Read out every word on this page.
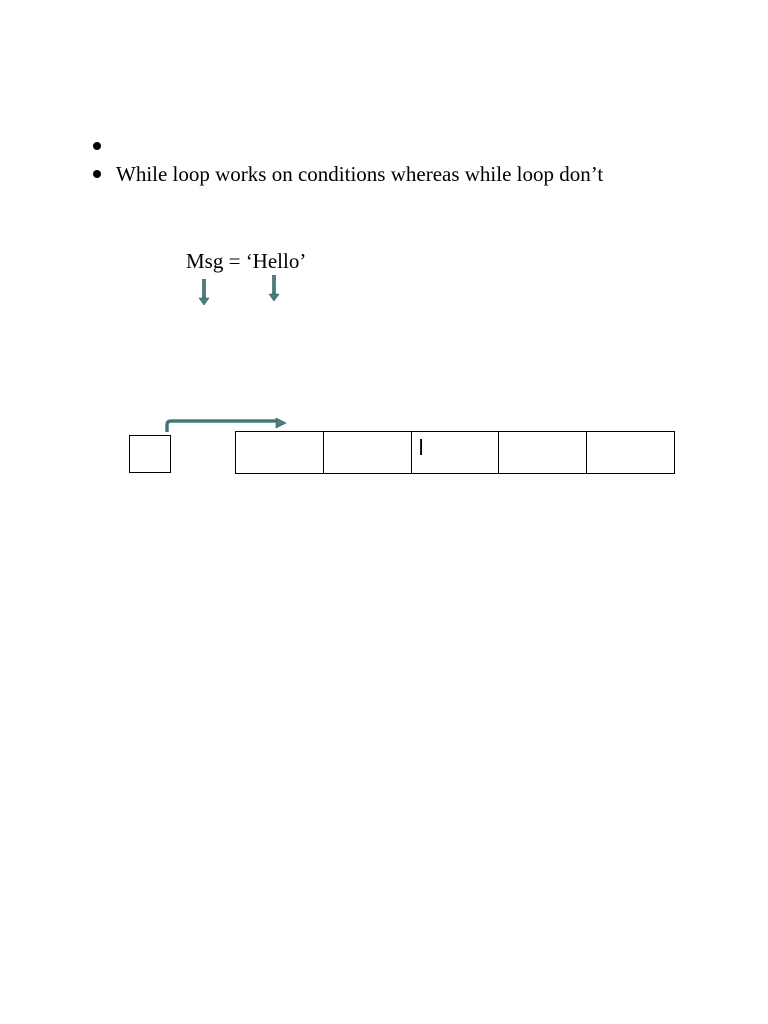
While loop works on conditions whereas while loop don’t
Msg = ‘Hello’
l
